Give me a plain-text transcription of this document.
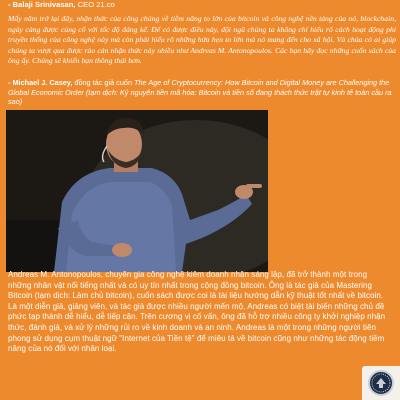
- Balaji Srinivasan, CEO 21.co
Mấy năm trở lại đây, nhận thức của công chúng về tiềm năng to lớn của bitcoin và công nghệ nền tảng của nó, blockchain, ngày càng được củng cố với tốc độ đáng kể. Để có được điều này, đội ngũ chúng ta không chỉ hiểu rõ cách hoạt động phi truyền thống của công nghệ này mà còn phải hiểu rõ những hứa hẹn to lớn mà nó mang đến cho xã hội. Và chúa có ai giúp chúng ta vượt qua được rào cản nhận thức này nhiều như Andreas M. Antonopoulos. Các bạn hãy đọc những cuốn sách của ông ấy. Chúng sẽ khiến bạn thông thái hơn.
- Michael J. Casey, đồng tác giả cuốn The Age of Cryptocurrency: How Bitcoin and Digital Money are Challenging the Global Economic Order (tạm dịch: Kỷ nguyên tiền mã hóa: Bitcoin và tiền số đang thách thức trật tự kinh tế toàn cầu ra sao)
Andreas M. Antonopoulos, chuyên gia công nghệ kiêm doanh nhân sáng lập, đã trở thành một trong những nhân vật nổi tiếng nhất và có uy tín nhất trong cộng đồng bitcoin. Ông là tác giả của Mastering Bitcoin (tạm dịch: Làm chủ bitcoin), cuốn sách được coi là tài liệu hướng dẫn kỹ thuật tốt nhất về bitcoin. Là một diễn giả, giảng viên, và tác giả được nhiều người mến mộ, Andreas có biệt tài biến những chủ đề phức tạp thành dễ hiểu, dễ tiếp cận. Trên cương vị cố vấn, ông đã hỗ trợ nhiều công ty khởi nghiệp nhận thức, đánh giá, và xử lý những rủi ro về kinh doanh và an ninh. Andreas là một trong những người tiên phong sử dụng cụm thuật ngữ "Internet của Tiền tệ" để miêu tả về bitcoin cũng như những tác động tiềm năng của nó đối với nhân loại.
